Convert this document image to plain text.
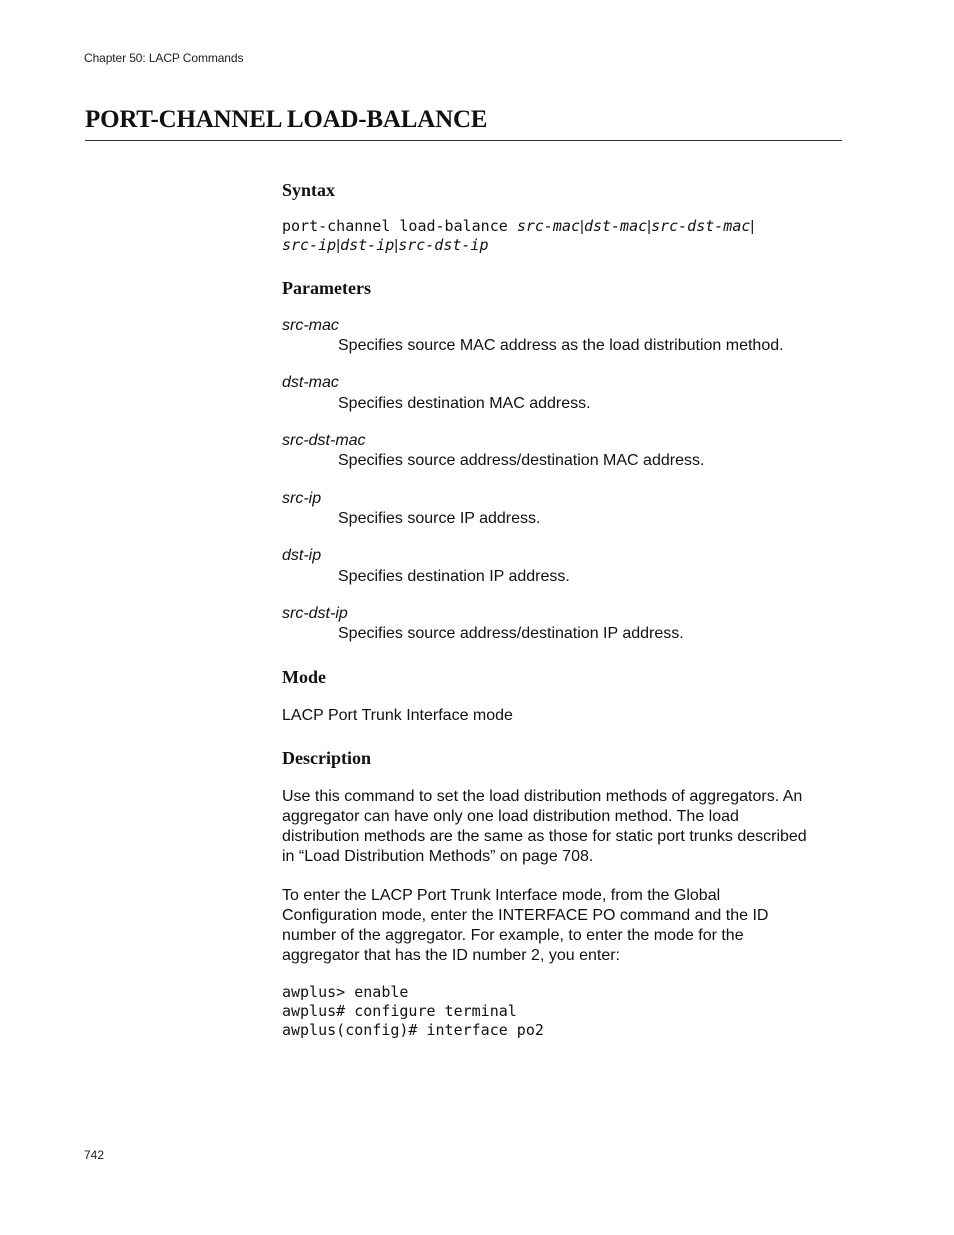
Chapter 50: LACP Commands
PORT-CHANNEL LOAD-BALANCE
Syntax
port-channel load-balance src-mac|dst-mac|src-dst-mac|
src-ip|dst-ip|src-dst-ip
Parameters
src-mac
Specifies source MAC address as the load distribution method.
dst-mac
Specifies destination MAC address.
src-dst-mac
Specifies source address/destination MAC address.
src-ip
Specifies source IP address.
dst-ip
Specifies destination IP address.
src-dst-ip
Specifies source address/destination IP address.
Mode
LACP Port Trunk Interface mode
Description
Use this command to set the load distribution methods of aggregators. An
aggregator can have only one load distribution method. The load
distribution methods are the same as those for static port trunks described
in “Load Distribution Methods” on page 708.
To enter the LACP Port Trunk Interface mode, from the Global
Configuration mode, enter the INTERFACE PO command and the ID
number of the aggregator. For example, to enter the mode for the
aggregator that has the ID number 2, you enter:
awplus> enable
awplus# configure terminal
awplus(config)# interface po2
742
